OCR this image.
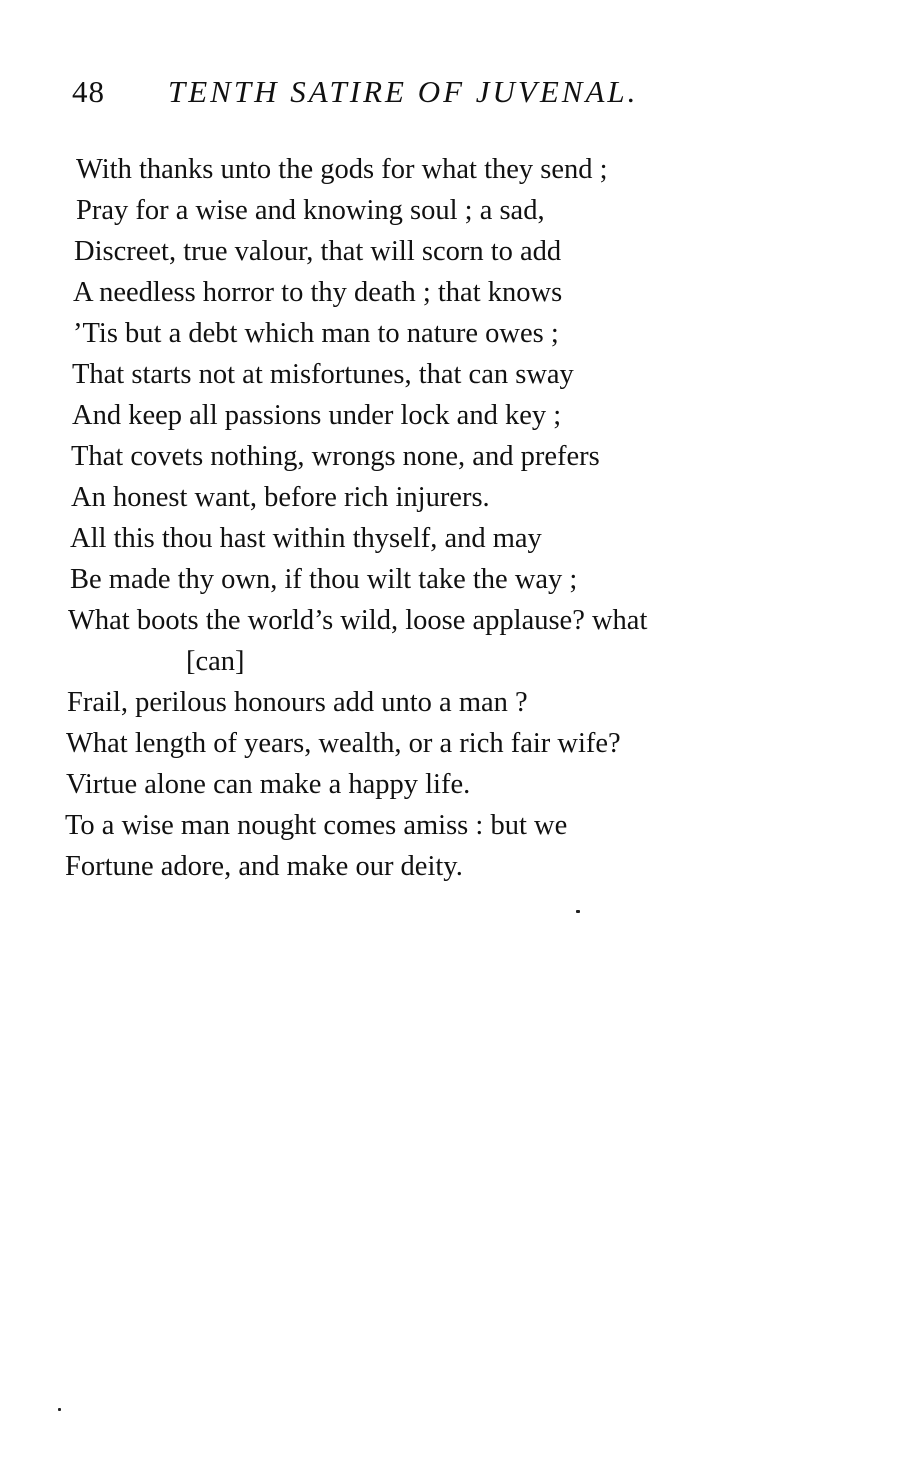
48 TENTH SATIRE OF JUVENAL.
With thanks unto the gods for what they send ;
Pray for a wise and knowing soul ; a sad,
Discreet, true valour, that will scorn to add
A needless horror to thy death ; that knows
’Tis but a debt which man to nature owes ;
That starts not at misfortunes, that can sway
And keep all passions under lock and key ;
That covets nothing, wrongs none, and prefers
An honest want, before rich injurers.
All this thou hast within thyself, and may
Be made thy own, if thou wilt take the way ;
What boots the world’s wild, loose applause? what
[can]
Frail, perilous honours add unto a man ?
What length of years, wealth, or a rich fair wife?
Virtue alone can make a happy life.
To a wise man nought comes amiss : but we
Fortune adore, and make our deity.
